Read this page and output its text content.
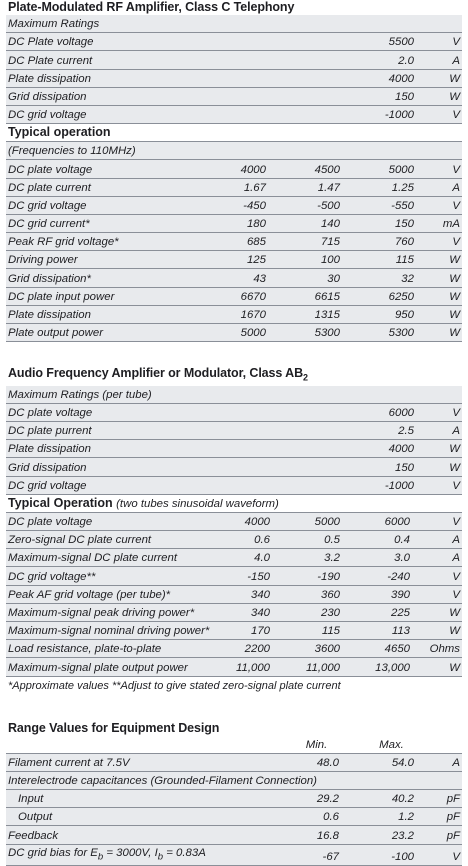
Plate-Modulated RF Amplifier, Class C Telephony
Maximum Ratings		
DC Plate voltage	5500	V
DC Plate current	2.0	A
Plate dissipation	4000	W
Grid dissipation	150	W
DC grid voltage	-1000	V
Typical operation
(Frequencies to 110MHz)				
DC plate voltage	4000	4500	5000	V
DC plate current	1.67	1.47	1.25	A
DC grid voltage	-450	-500	-550	V
DC grid current*	180	140	150	mA
Peak RF grid voltage*	685	715	760	V
Driving power	125	100	115	W
Grid dissipation*	43	30	32	W
DC plate input power	6670	6615	6250	W
Plate dissipation	1670	1315	950	W
Plate output power	5000	5300	5300	W
Audio Frequency Amplifier or Modulator, Class $AB_2$
Maximum Ratings (per tube)		
DC plate voltage	6000	V
DC plate purrent	2.5	A
Plate dissipation	4000	W
Grid dissipation	150	W
DC grid voltage	-1000	V
Typical Operation (two tubes sinusoidal waveform)
DC plate voltage	4000	5000	6000	V
Zero-signal DC plate current	0.6	0.5	0.4	A
Maximum-signal DC plate current	4.0	3.2	3.0	A
DC grid voltage**	-150	-190	-240	V
Peak AF grid voltage (per tube)*	340	360	390	V
Maximum-signal peak driving power*	340	230	225	W
Maximum-signal nominal driving power*	170	115	113	W
Load resistance, plate-to-plate	2200	3600	4650	Ohms
Maximum-signal plate output power	11,000	11,000	13,000	W
*Approximate values **Adjust to give stated zero-signal plate current
Range Values for Equipment Design
	Min.	Max.	
Filament current at 7.5V	48.0	54.0	A
Interelectrode capacitances (Grounded-Filament Connection)			
Input	29.2	40.2	pF
Output	0.6	1.2	pF
Feedback	16.8	23.2	pF
DC grid bias for $E_b = 3000V$, $I_b = 0.83A$	-67	-100	V
